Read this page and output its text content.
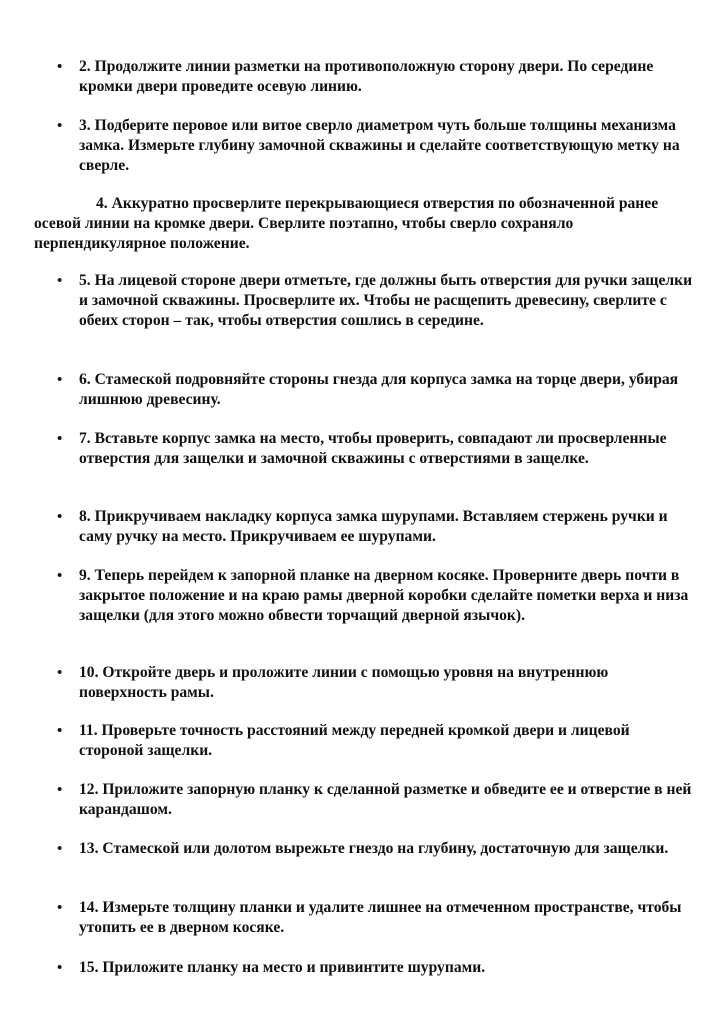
• 2. Продолжите линии разметки на противоположную сторону двери. По середине кромки двери проведите осевую линию.
• 3. Подберите перовое или витое сверло диаметром чуть больше толщины механизма замка. Измерьте глубину замочной скважины и сделайте соответствующую метку на сверле.
4. Аккуратно просверлите перекрывающиеся отверстия по обозначенной ранее осевой линии на кромке двери. Сверлите поэтапно, чтобы сверло сохраняло перпендикулярное положение.
• 5. На лицевой стороне двери отметьте, где должны быть отверстия для ручки защелки и замочной скважины. Просверлите их. Чтобы не расщепить древесину, сверлите с обеих сторон – так, чтобы отверстия сошлись в середине.
• 6. Стамеской подровняйте стороны гнезда для корпуса замка на торце двери, убирая лишнюю древесину.
• 7. Вставьте корпус замка на место, чтобы проверить, совпадают ли просверленные отверстия для защелки и замочной скважины с отверстиями в защелке.
• 8. Прикручиваем накладку корпуса замка шурупами. Вставляем стержень ручки и саму ручку на место. Прикручиваем ее шурупами.
• 9. Теперь перейдем к запорной планке на дверном косяке. Проверните дверь почти в закрытое положение и на краю рамы дверной коробки сделайте пометки верха и низа защелки (для этого можно обвести торчащий дверной язычок).
• 10. Откройте дверь и проложите линии с помощью уровня на внутреннюю поверхность рамы.
• 11. Проверьте точность расстояний между передней кромкой двери и лицевой стороной защелки.
• 12. Приложите запорную планку к сделанной разметке и обведите ее и отверстие в ней карандашом.
• 13. Стамеской или долотом вырежьте гнездо на глубину, достаточную для защелки.
• 14. Измерьте толщину планки и удалите лишнее на отмеченном пространстве, чтобы утопить ее в дверном косяке.
• 15. Приложите планку на место и привинтите шурупами.
